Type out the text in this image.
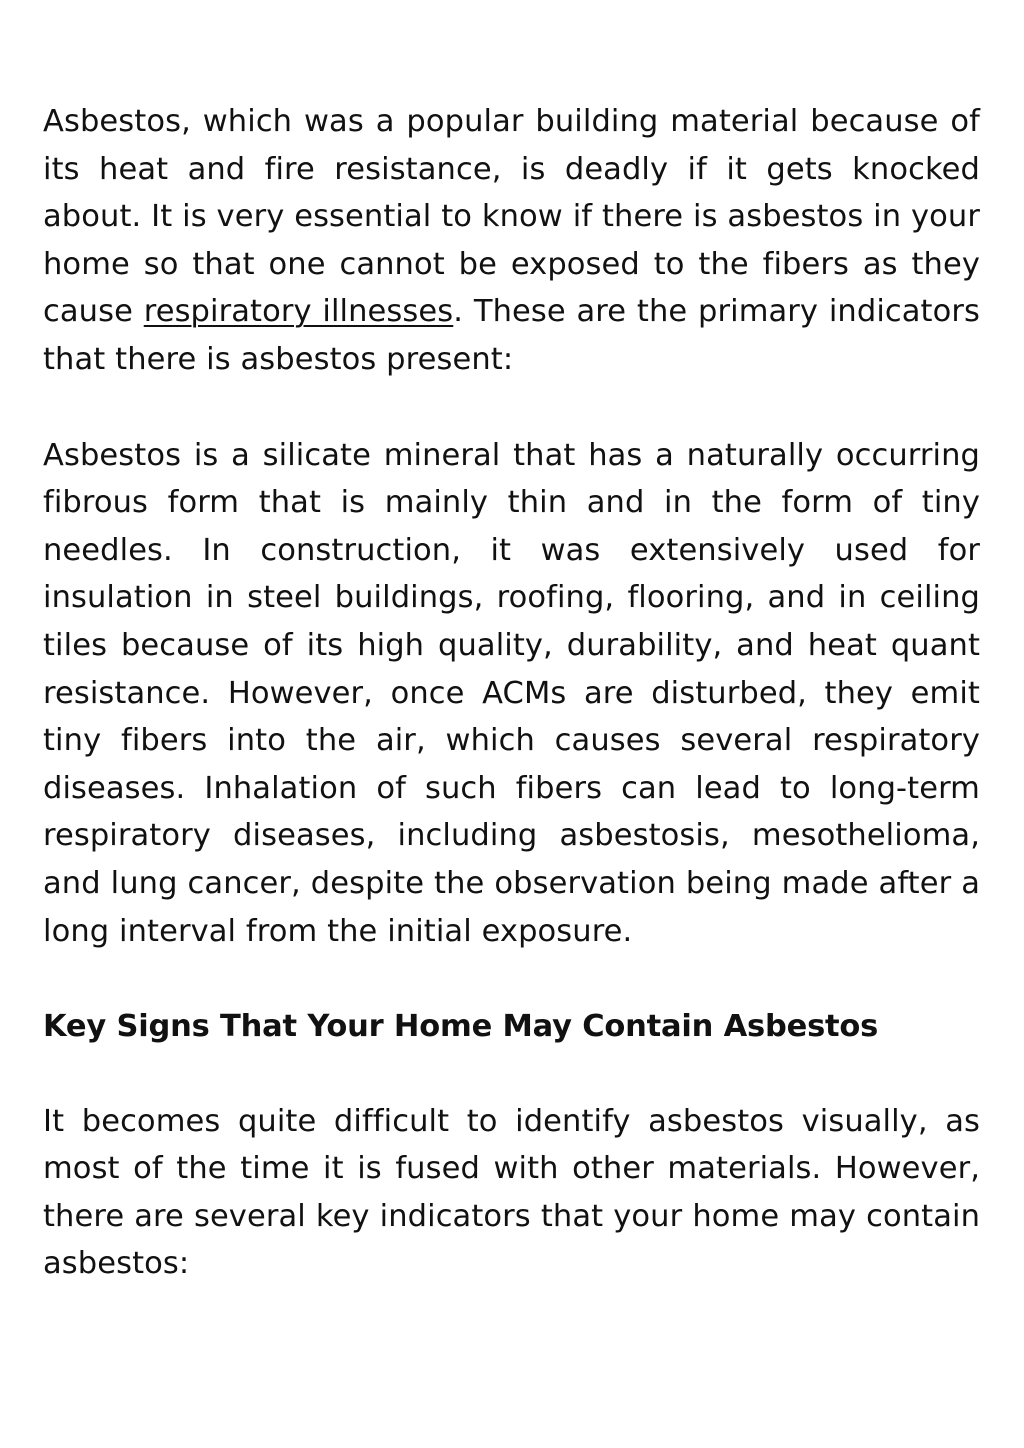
Asbestos, which was a popular building material because of its heat and fire resistance, is deadly if it gets knocked about. It is very essential to know if there is asbestos in your home so that one cannot be exposed to the fibers as they cause respiratory illnesses. These are the primary indicators that there is asbestos present:

Asbestos is a silicate mineral that has a naturally occurring fibrous form that is mainly thin and in the form of tiny needles. In construction, it was extensively used for insulation in steel buildings, roofing, flooring, and in ceiling tiles because of its high quality, durability, and heat quant resistance. However, once ACMs are disturbed, they emit tiny fibers into the air, which causes several respiratory diseases. Inhalation of such fibers can lead to long-term respiratory diseases, including asbestosis, mesothelioma, and lung cancer, despite the observation being made after a long interval from the initial exposure.

Key Signs That Your Home May Contain Asbestos

It becomes quite difficult to identify asbestos visually, as most of the time it is fused with other materials. However, there are several key indicators that your home may contain asbestos:
